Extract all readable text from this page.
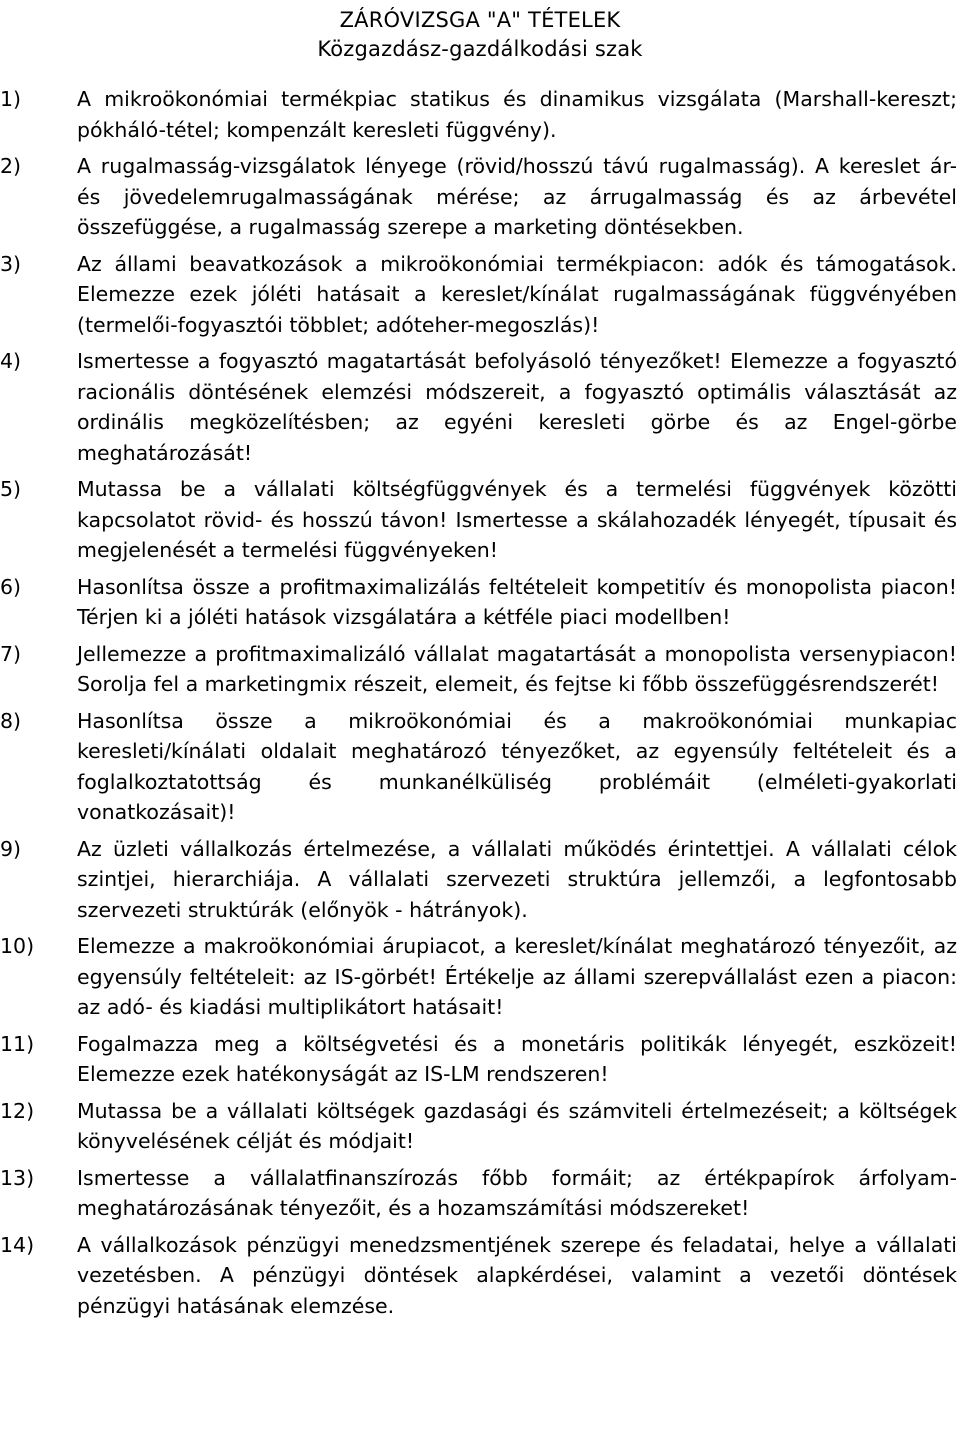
ZÁRÓVIZSGA "A" TÉTELEK
Közgazdász-gazdálkodási szak
1)	A mikroökonómiai termékpiac statikus és dinamikus vizsgálata (Marshall-kereszt; pókháló-tétel; kompenzált keresleti függvény).
2)	A rugalmasság-vizsgálatok lényege (rövid/hosszú távú rugalmasság). A kereslet ár- és jövedelemrugalmasságának mérése; az árrugalmasság és az árbevétel összefüggése, a rugalmasság szerepe a marketing döntésekben.
3)	Az állami beavatkozások a mikroökonómiai termékpiacon: adók és támogatások. Elemezze ezek jóléti hatásait a kereslet/kínálat rugalmasságának függvényében (termelői-fogyasztói többlet; adóteher-megoszlás)!
4)	Ismertesse a fogyasztó magatartását befolyásoló tényezőket! Elemezze a fogyasztó racionális döntésének elemzési módszereit, a fogyasztó optimális választását az ordinális megközelítésben; az egyéni keresleti görbe és az Engel-görbe meghatározását!
5)	Mutassa be a vállalati költségfüggvények és a termelési függvények közötti kapcsolatot rövid- és hosszú távon! Ismertesse a skálahozadék lényegét, típusait és megjelenését a termelési függvényeken!
6)	Hasonlítsa össze a profitmaximalizálás feltételeit kompetitív és monopolista piacon! Térjen ki a jóléti hatások vizsgálatára a kétféle piaci modellben!
7)	Jellemezze a profitmaximalizáló vállalat magatartását a monopolista versenypiacon! Sorolja fel a marketingmix részeit, elemeit, és fejtse ki főbb összefüggésrendszerét!
8)	Hasonlítsa össze a mikroökonómiai és a makroökonómiai munkapiac keresleti/kínálati oldalait meghatározó tényezőket, az egyensúly feltételeit és a foglalkoztatottság és munkanélküliség problémáit (elméleti-gyakorlati vonatkozásait)!
9)	Az üzleti vállalkozás értelmezése, a vállalati működés érintettjei. A vállalati célok szintjei, hierarchiája. A vállalati szervezeti struktúra jellemzői, a legfontosabb szervezeti struktúrák (előnyök - hátrányok).
10)	Elemezze a makroökonómiai árupiacot, a kereslet/kínálat meghatározó tényezőit, az egyensúly feltételeit: az IS-görbét! Értékelje az állami szerepvállalást ezen a piacon: az adó- és kiadási multiplikátort hatásait!
11)	Fogalmazza meg a költségvetési és a monetáris politikák lényegét, eszközeit! Elemezze ezek hatékonyságát az IS-LM rendszeren!
12)	Mutassa be a vállalati költségek gazdasági és számviteli értelmezéseit; a költségek könyvelésének célját és módjait!
13)	Ismertesse a vállalatfinanszírozás főbb formáit; az értékpapírok árfolyam-meghatározásának tényezőit, és a hozamszámítási módszereket!
14)	A vállalkozások pénzügyi menedzsmentjének szerepe és feladatai, helye a vállalati vezetésben. A pénzügyi döntések alapkérdései, valamint a vezetői döntések pénzügyi hatásának elemzése.
